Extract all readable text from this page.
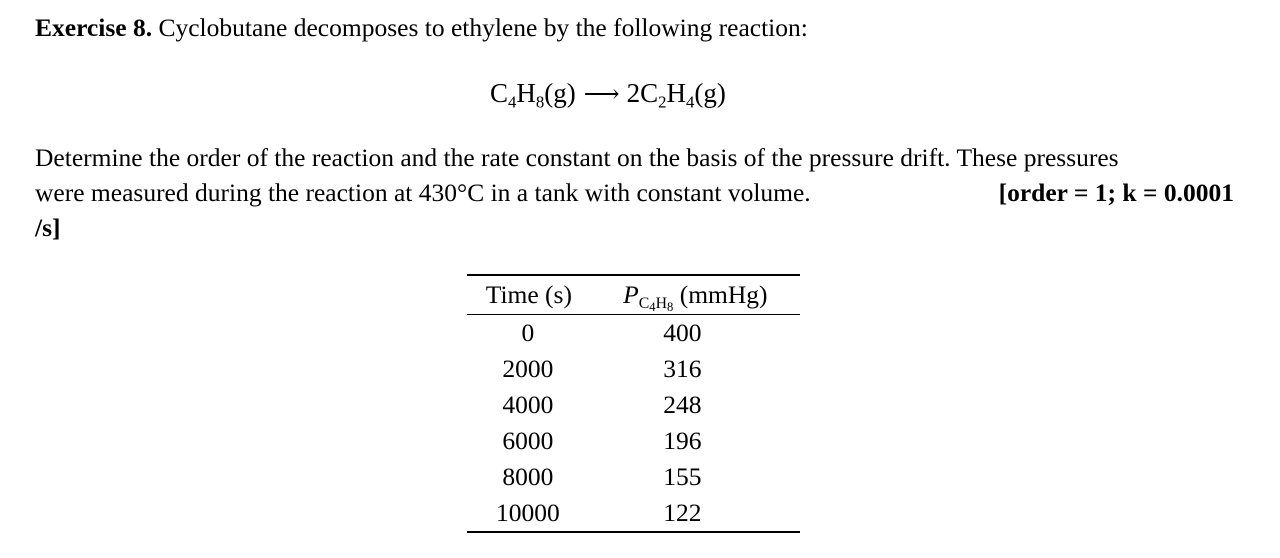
Exercise 8. Cyclobutane decomposes to ethylene by the following reaction:
$C_4H_8(g)$ ⟶ $2C_2H_4(g)$
Determine the order of the reaction and the rate constant on the basis of the pressure drift. These pressures
were measured during the reaction at 430°C in a tank with constant volume.	[order = 1; k = 0.0001
/s]
Time (s)	PC4H8 (mmHg)
0	400
2000	316
4000	248
6000	196
8000	155
10000	122
